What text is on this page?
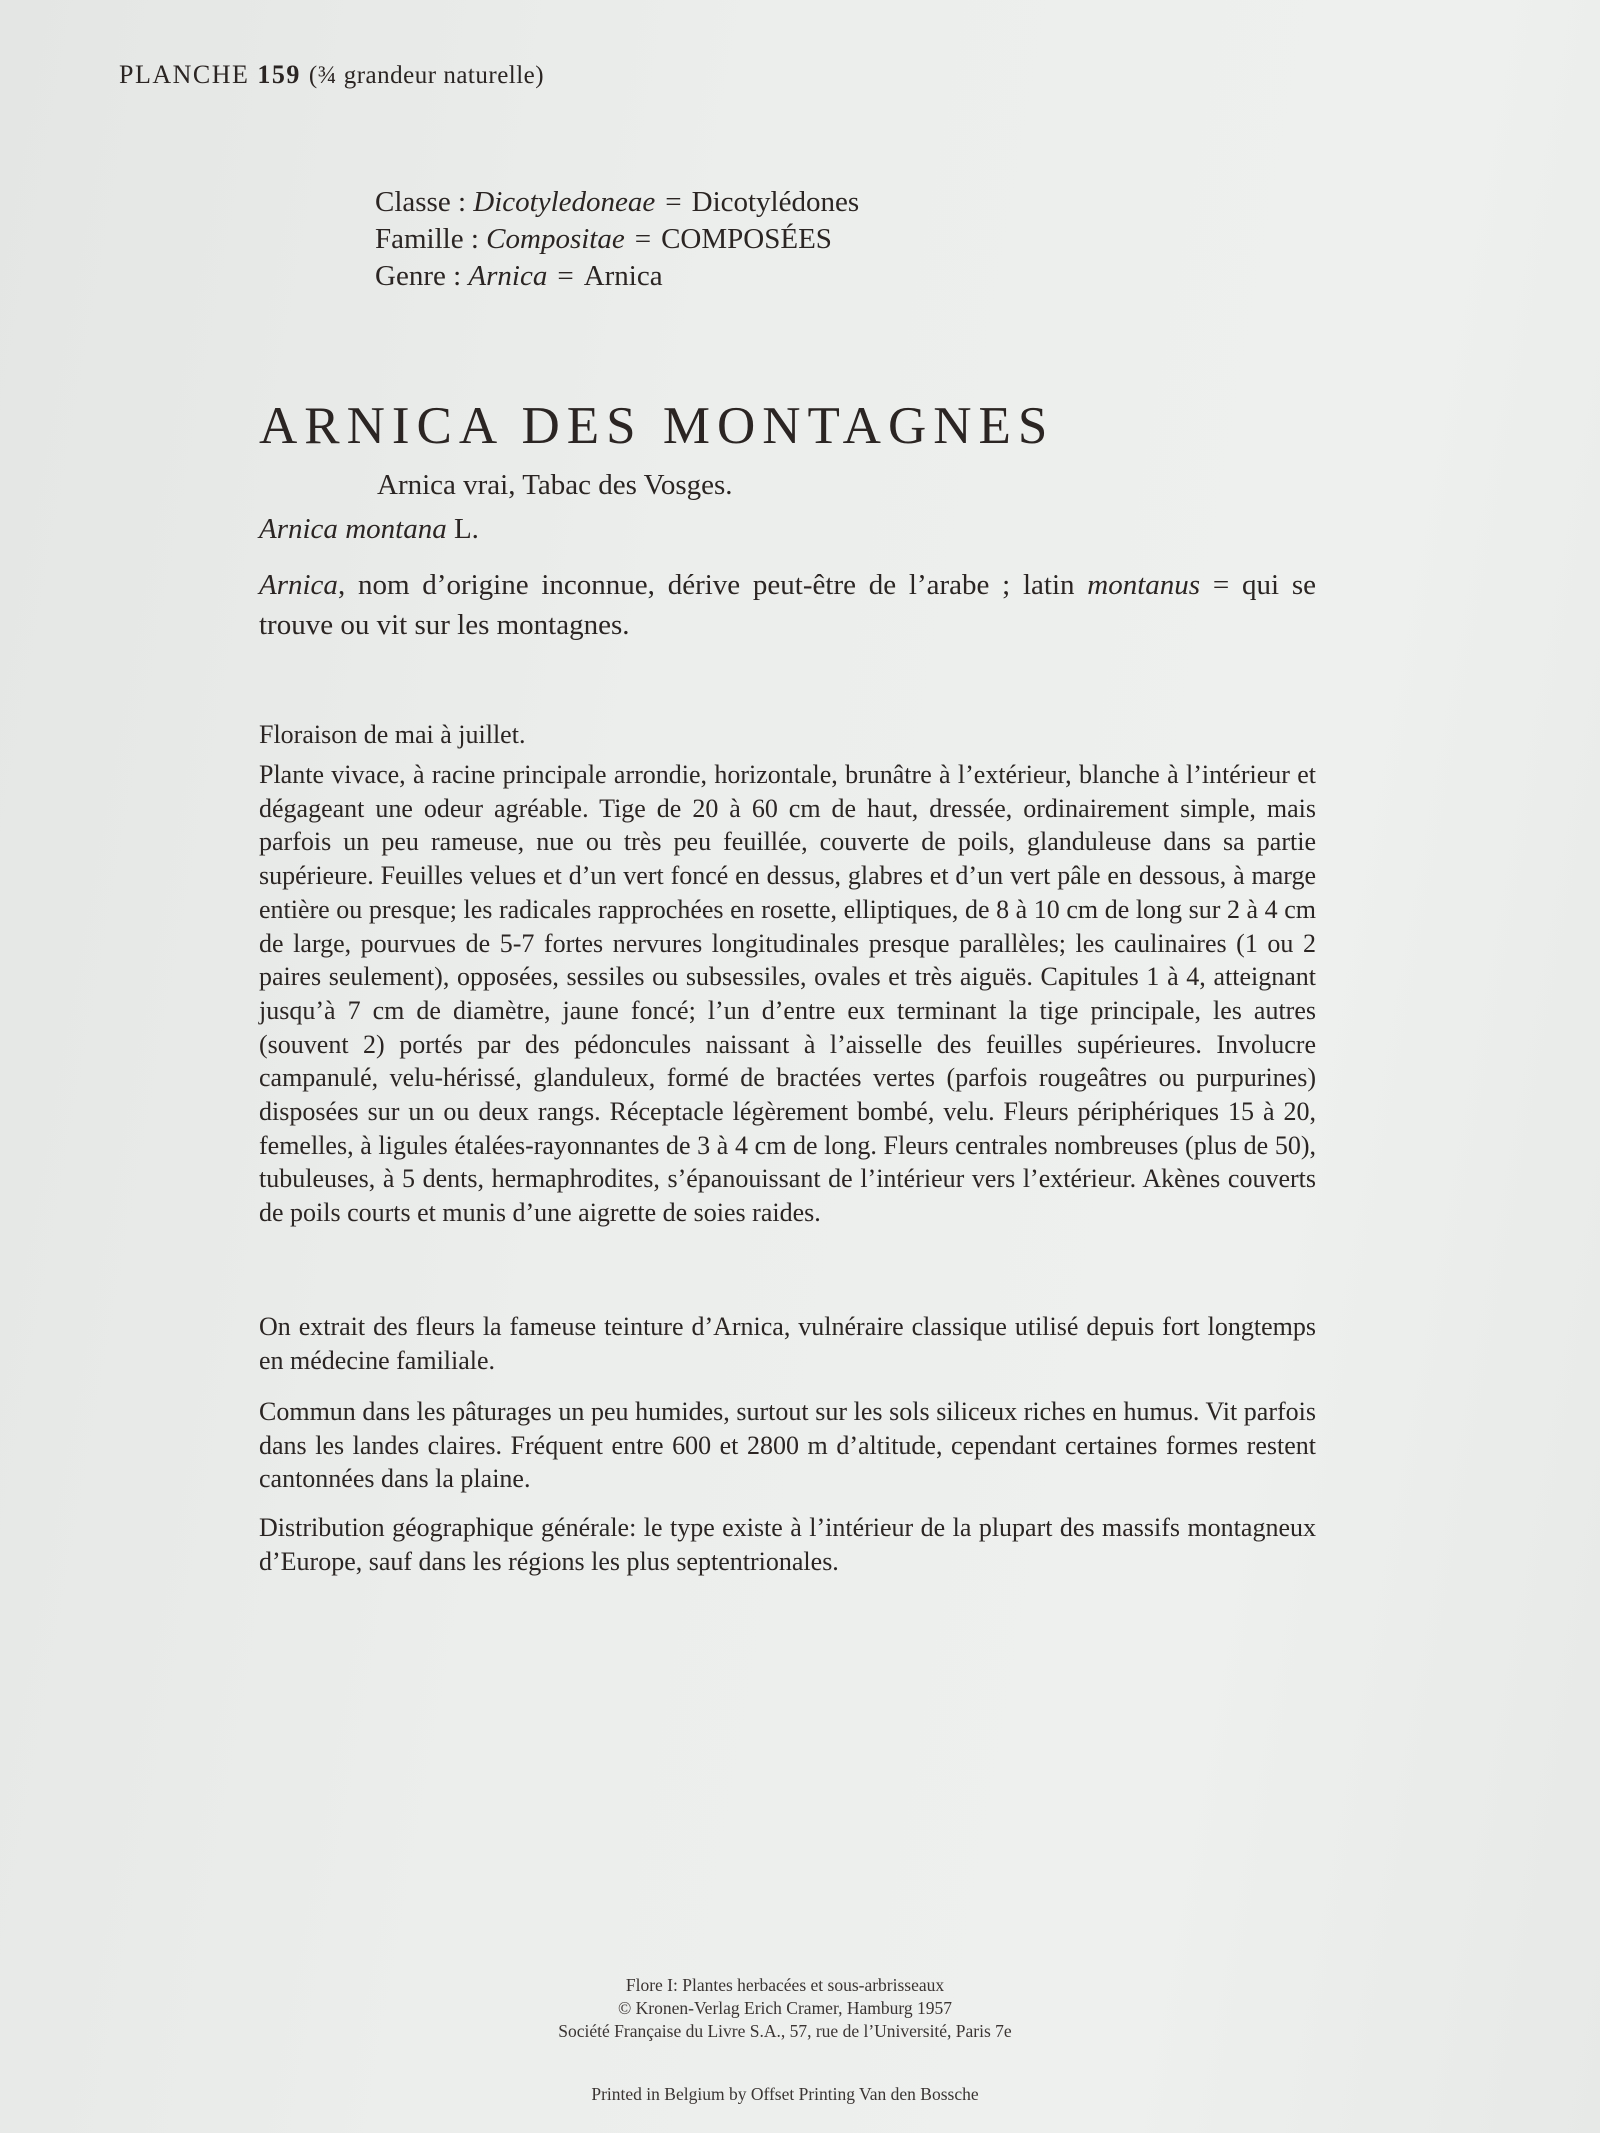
PLANCHE 159 (¾ grandeur naturelle)
Classe : Dicotyledoneae = Dicotylédones
Famille : Compositae = COMPOSÉES
Genre : Arnica = Arnica
ARNICA DES MONTAGNES
Arnica vrai, Tabac des Vosges.
Arnica montana L.
Arnica, nom d’origine inconnue, dérive peut-être de l’arabe ; latin montanus = qui se trouve ou vit sur les montagnes.

Floraison de mai à juillet.

Plante vivace, à racine principale arrondie, horizontale, brunâtre à l’extérieur, blanche à l’intérieur et dégageant une odeur agréable. Tige de 20 à 60 cm de haut, dressée, ordinairement simple, mais parfois un peu rameuse, nue ou très peu feuillée, couverte de poils, glanduleuse dans sa partie supérieure. Feuilles velues et d’un vert foncé en dessus, glabres et d’un vert pâle en dessous, à marge entière ou presque; les radicales rapprochées en rosette, elliptiques, de 8 à 10 cm de long sur 2 à 4 cm de large, pourvues de 5-7 fortes nervures longitudinales presque parallèles; les caulinaires (1 ou 2 paires seulement), opposées, sessiles ou subsessiles, ovales et très aiguës. Capitules 1 à 4, atteignant jusqu’à 7 cm de diamètre, jaune foncé; l’un d’entre eux terminant la tige principale, les autres (souvent 2) portés par des pédoncules naissant à l’aisselle des feuilles supérieures. Involucre campanulé, velu-hérissé, glanduleux, formé de bractées vertes (parfois rougeâtres ou purpurines) disposées sur un ou deux rangs. Réceptacle légèrement bombé, velu. Fleurs périphériques 15 à 20, femelles, à ligules étalées-rayonnantes de 3 à 4 cm de long. Fleurs centrales nombreuses (plus de 50), tubuleuses, à 5 dents, hermaphrodites, s’épanouissant de l’intérieur vers l’extérieur. Akènes couverts de poils courts et munis d’une aigrette de soies raides.

On extrait des fleurs la fameuse teinture d’Arnica, vulnéraire classique utilisé depuis fort longtemps en médecine familiale.

Commun dans les pâturages un peu humides, surtout sur les sols siliceux riches en humus. Vit parfois dans les landes claires. Fréquent entre 600 et 2800 m d’altitude, cependant certaines formes restent cantonnées dans la plaine.

Distribution géographique générale: le type existe à l’intérieur de la plupart des massifs montagneux d’Europe, sauf dans les régions les plus septentrionales.

Flore I: Plantes herbacées et sous-arbrisseaux
© Kronen-Verlag Erich Cramer, Hamburg 1957
Société Française du Livre S.A., 57, rue de l’Université, Paris 7e
Printed in Belgium by Offset Printing Van den Bossche
